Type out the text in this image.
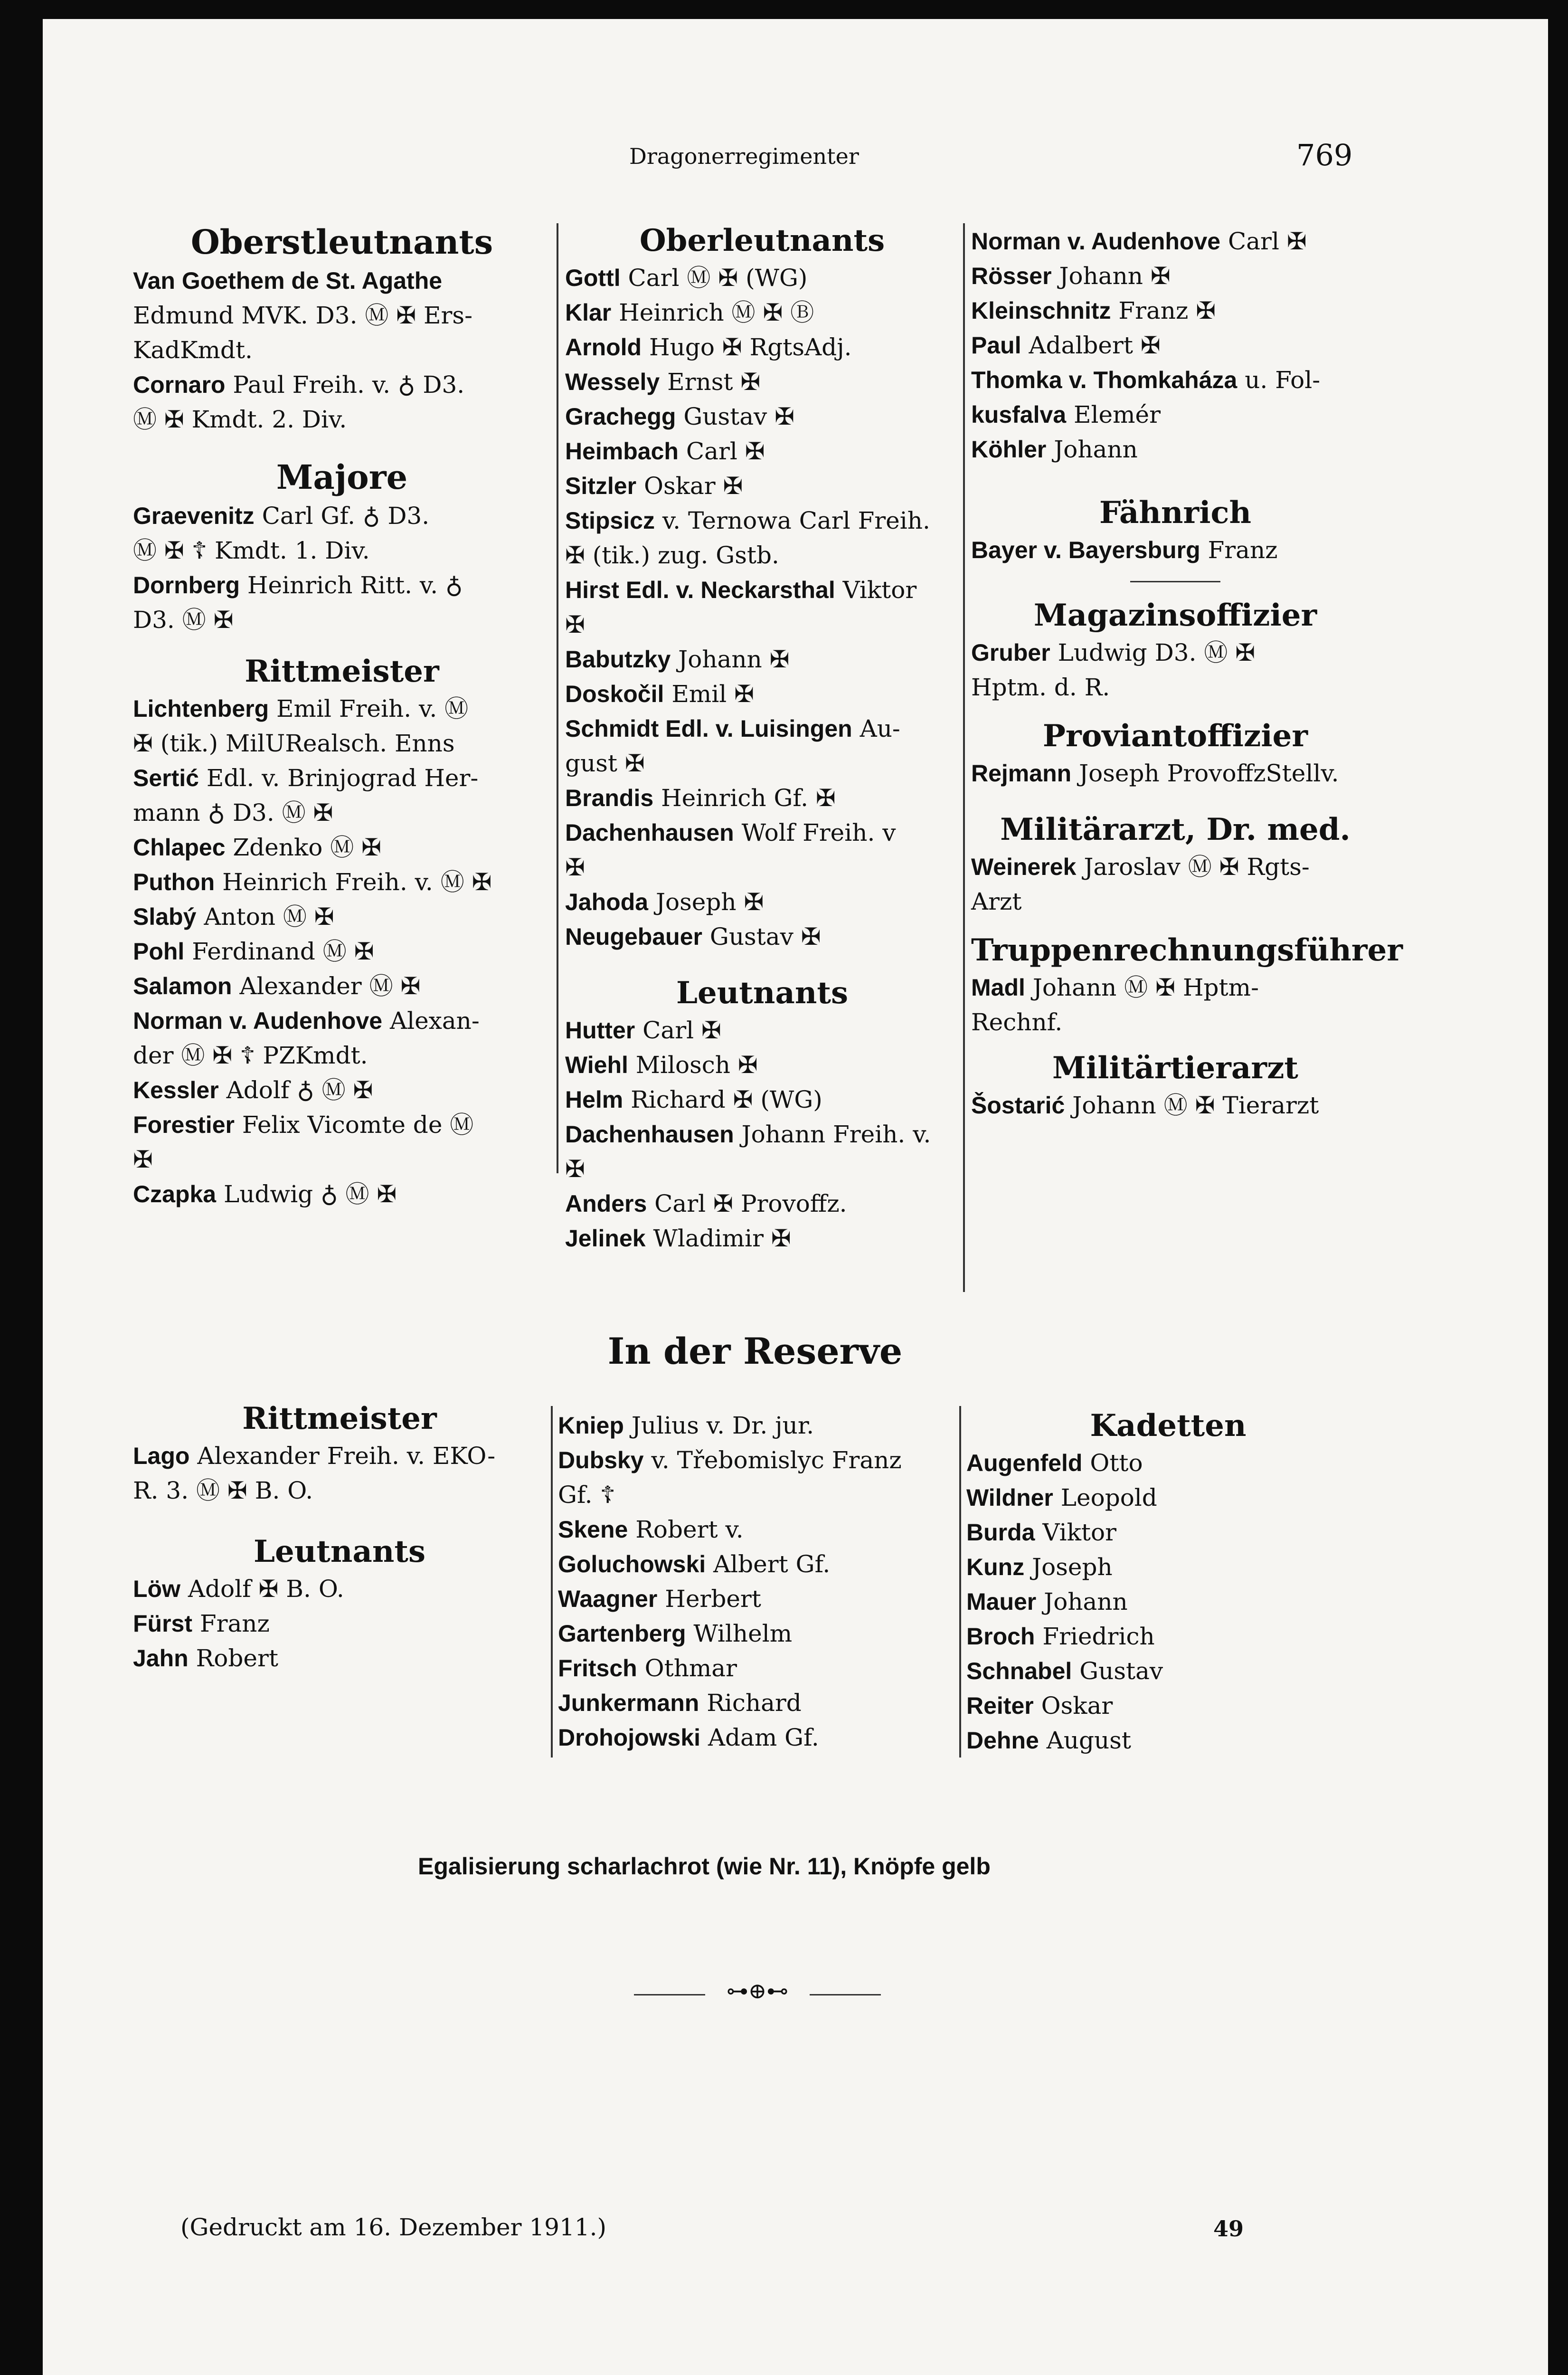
Dragonerregimenter	769

Oberstleutnants

Van Goethem de St. Agathe

Edmund MVK. D3. Ⓜ ✠ Ers-

KadKmdt.

Cornaro Paul Freih. v. ♁ D3.

Ⓜ ✠ Kmdt. 2. Div.

Majore

Graevenitz Carl Gf. ♁ D3.

Ⓜ ✠ ☦ Kmdt. 1. Div.

Dornberg Heinrich Ritt. v. ♁

D3. Ⓜ ✠

Rittmeister

Lichtenberg Emil Freih. v. Ⓜ

✠ (tik.) MilURealsch. Enns

Sertić Edl. v. Brinjograd Her-

mann ♁ D3. Ⓜ ✠

Chlapec Zdenko Ⓜ ✠

Puthon Heinrich Freih. v. Ⓜ ✠

Slabý Anton Ⓜ ✠

Pohl Ferdinand Ⓜ ✠

Salamon Alexander Ⓜ ✠

Norman v. Audenhove Alexan-

der Ⓜ ✠ ☦ PZKmdt.

Kessler Adolf ♁ Ⓜ ✠

Forestier Felix Vicomte de Ⓜ

✠

Czapka Ludwig ♁ Ⓜ ✠

Oberleutnants

Gottl Carl Ⓜ ✠ (WG)

Klar Heinrich Ⓜ ✠ Ⓑ

Arnold Hugo ✠ RgtsAdj.

Wessely Ernst ✠

Grachegg Gustav ✠

Heimbach Carl ✠

Sitzler Oskar ✠

Stipsicz v. Ternowa Carl Freih.

✠ (tik.) zug. Gstb.

Hirst Edl. v. Neckarsthal Viktor

✠

Babutzky Johann ✠

Doskočil Emil ✠

Schmidt Edl. v. Luisingen Au-

gust ✠

Brandis Heinrich Gf. ✠

Dachenhausen Wolf Freih. v

✠

Jahoda Joseph ✠

Neugebauer Gustav ✠

Leutnants

Hutter Carl ✠

Wiehl Milosch ✠

Helm Richard ✠ (WG)

Dachenhausen Johann Freih. v.

✠

Anders Carl ✠ Provoffz.

Jelinek Wladimir ✠

Norman v. Audenhove Carl ✠

Rösser Johann ✠

Kleinschnitz Franz ✠

Paul Adalbert ✠

Thomka v. Thomkaháza u. Fol-

kusfalva Elemér

Köhler Johann

Fähnrich

Bayer v. Bayersburg Franz

Magazinsoffizier

Gruber Ludwig D3. Ⓜ ✠

Hptm. d. R.

Proviantoffizier

Rejmann Joseph ProvoffzStellv.

Militärarzt, Dr. med.

Weinerek Jaroslav Ⓜ ✠ Rgts-

Arzt

Truppenrechnungsführer

Madl Johann Ⓜ ✠ Hptm-

Rechnf.

Militärtierarzt

Šostarić Johann Ⓜ ✠ Tierarzt

In der Reserve

Rittmeister

Lago Alexander Freih. v. EKO-

R. 3. Ⓜ ✠ B. O.

Leutnants

Löw Adolf ✠ B. O.

Fürst Franz

Jahn Robert

Kniep Julius v. Dr. jur.

Dubsky v. Třebomislyc Franz

Gf. ☦

Skene Robert v.

Goluchowski Albert Gf.

Waagner Herbert

Gartenberg Wilhelm

Fritsch Othmar

Junkermann Richard

Drohojowski Adam Gf.

Kadetten

Augenfeld Otto

Wildner Leopold

Burda Viktor

Kunz Joseph

Mauer Johann

Broch Friedrich

Schnabel Gustav

Reiter Oskar

Dehne August

Egalisierung scharlachrot (wie Nr. 11), Knöpfe gelb
⊶⊕⊷
(Gedruckt am 16. Dezember 1911.)	49
